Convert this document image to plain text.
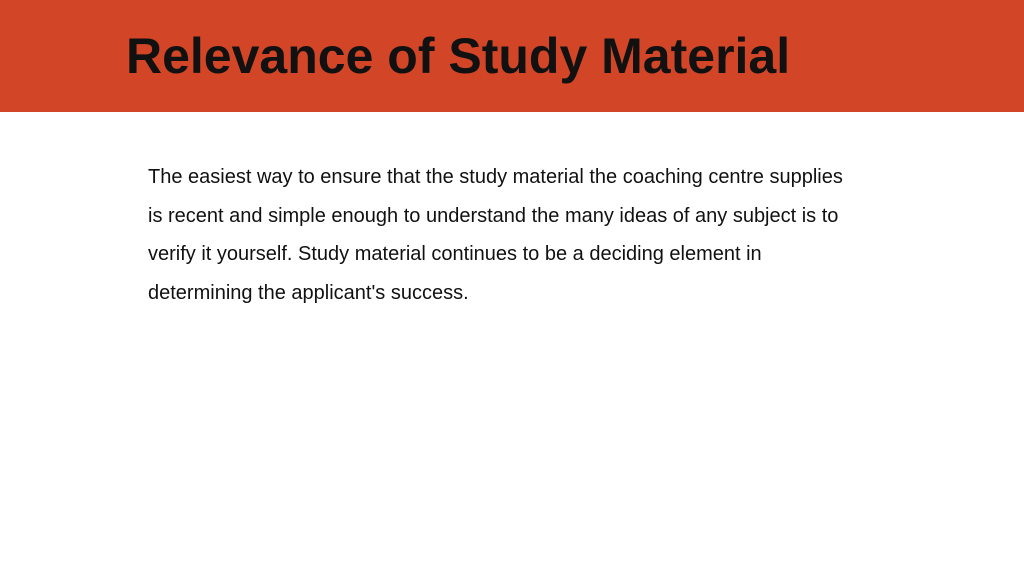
Relevance of Study Material

The easiest way to ensure that the study material the coaching centre supplies
is recent and simple enough to understand the many ideas of any subject is to
verify it yourself. Study material continues to be a deciding element in
determining the applicant's success.
